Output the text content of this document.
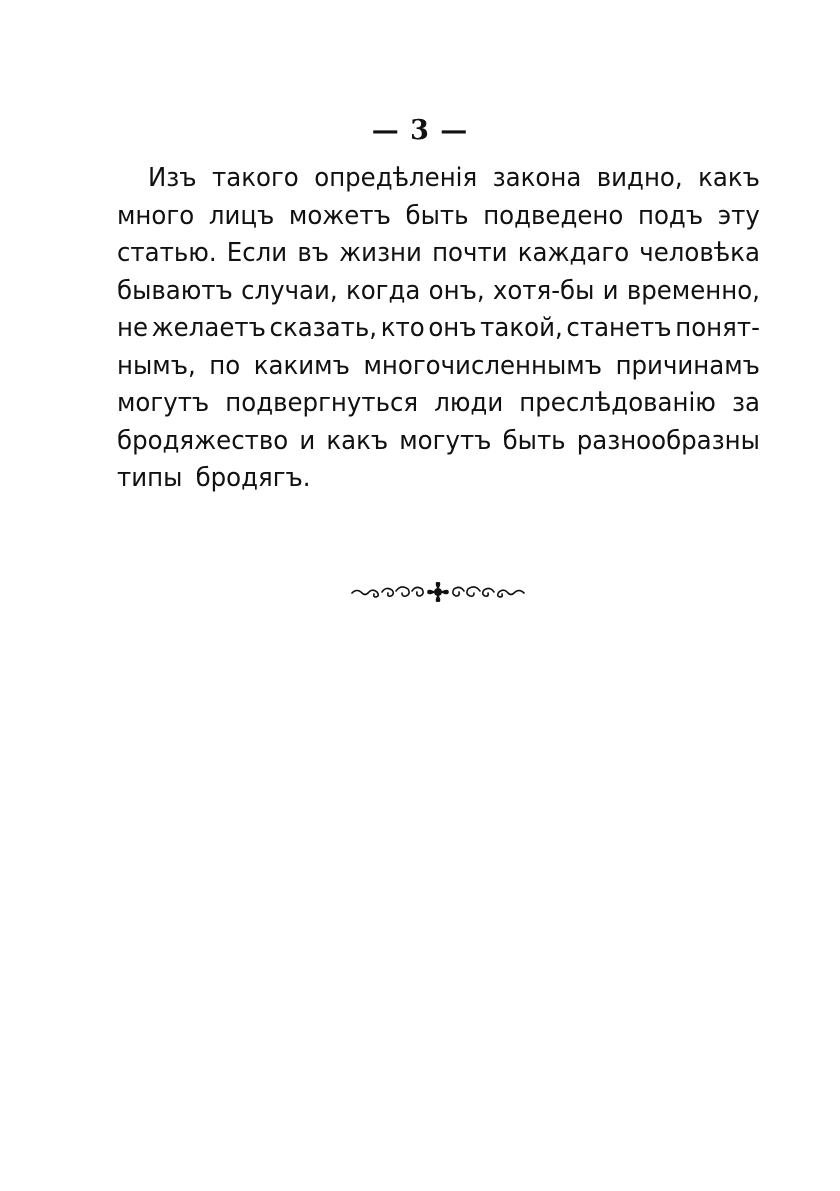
— 3 —
Изъ такого опредѣленія закона видно, какъ
много лицъ можетъ быть подведено подъ эту
статью. Если въ жизни почти каждаго человѣка
бываютъ случаи, когда онъ, хотя-бы и временно,
не желаетъ сказать, кто онъ такой, станетъ понят-
нымъ, по какимъ многочисленнымъ причинамъ
могутъ подвергнуться люди преслѣдованію за
бродяжество и какъ могутъ быть разнообразны
типы бродягъ.
